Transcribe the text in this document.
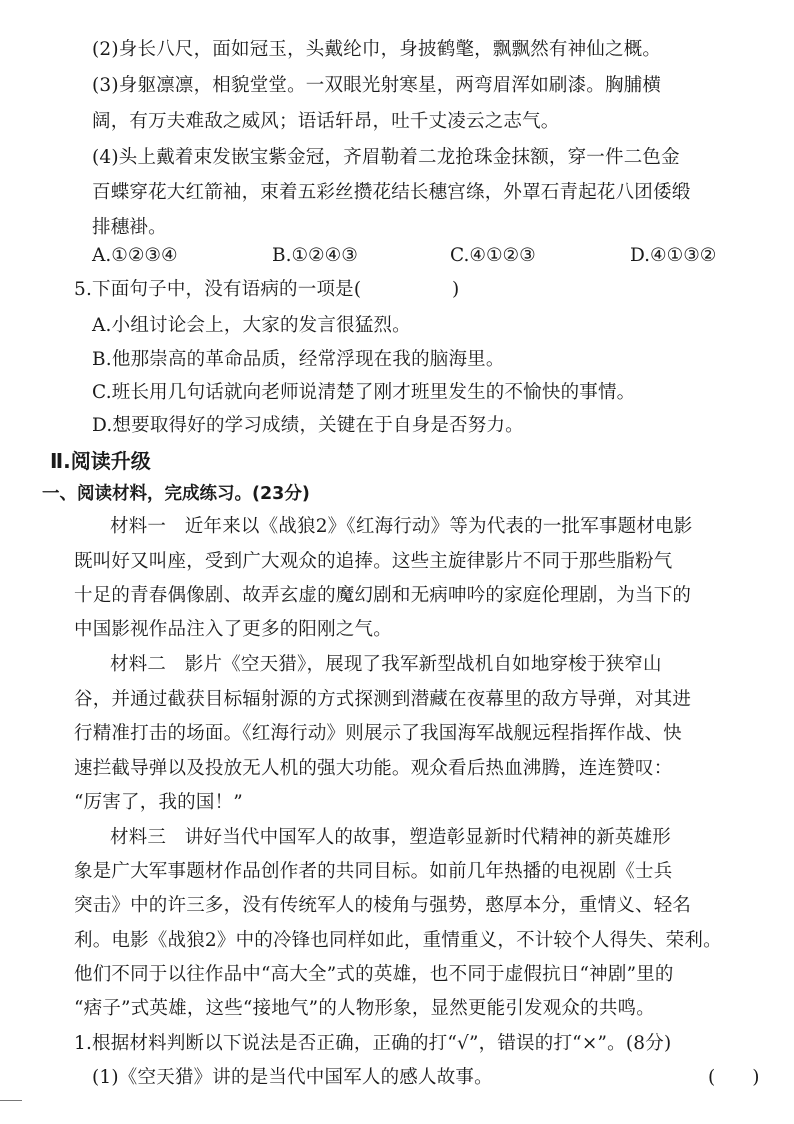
(2)身长八尺，面如冠玉，头戴纶巾，身披鹤氅，飘飘然有神仙之概。
(3)身躯凛凛，相貌堂堂。一双眼光射寒星，两弯眉浑如刷漆。胸脯横
阔，有万夫难敌之威风；语话轩昂，吐千丈凌云之志气。
(4)头上戴着束发嵌宝紫金冠，齐眉勒着二龙抢珠金抹额，穿一件二色金
百蝶穿花大红箭袖，束着五彩丝攒花结长穗宫绦，外罩石青起花八团倭缎
排穗褂。
A.①②③④	B.①②④③	C.④①②③	D.④①③②
5.下面句子中，没有语病的一项是(	)
A.小组讨论会上，大家的发言很猛烈。
B.他那崇高的革命品质，经常浮现在我的脑海里。
C.班长用几句话就向老师说清楚了刚才班里发生的不愉快的事情。
D.想要取得好的学习成绩，关键在于自身是否努力。
Ⅱ.阅读升级
一、阅读材料，完成练习。(23分)
材料一　近年来以《战狼2》《红海行动》等为代表的一批军事题材电影
既叫好又叫座，受到广大观众的追捧。这些主旋律影片不同于那些脂粉气
十足的青春偶像剧、故弄玄虚的魔幻剧和无病呻吟的家庭伦理剧，为当下的
中国影视作品注入了更多的阳刚之气。
材料二　影片《空天猎》，展现了我军新型战机自如地穿梭于狭窄山
谷，并通过截获目标辐射源的方式探测到潜藏在夜幕里的敌方导弹，对其进
行精准打击的场面。《红海行动》则展示了我国海军战舰远程指挥作战、快
速拦截导弹以及投放无人机的强大功能。观众看后热血沸腾，连连赞叹：
“厉害了，我的国！”
材料三　讲好当代中国军人的故事，塑造彰显新时代精神的新英雄形
象是广大军事题材作品创作者的共同目标。如前几年热播的电视剧《士兵
突击》中的许三多，没有传统军人的棱角与强势，憨厚本分，重情义、轻名
利。电影《战狼2》中的冷锋也同样如此，重情重义，不计较个人得失、荣利。
他们不同于以往作品中“高大全”式的英雄，也不同于虚假抗日“神剧”里的
“痞子”式英雄，这些“接地气”的人物形象，显然更能引发观众的共鸣。
1.根据材料判断以下说法是否正确，正确的打“√”，错误的打“×”。(8分)
(1)《空天猎》讲的是当代中国军人的感人故事。	(　　)
